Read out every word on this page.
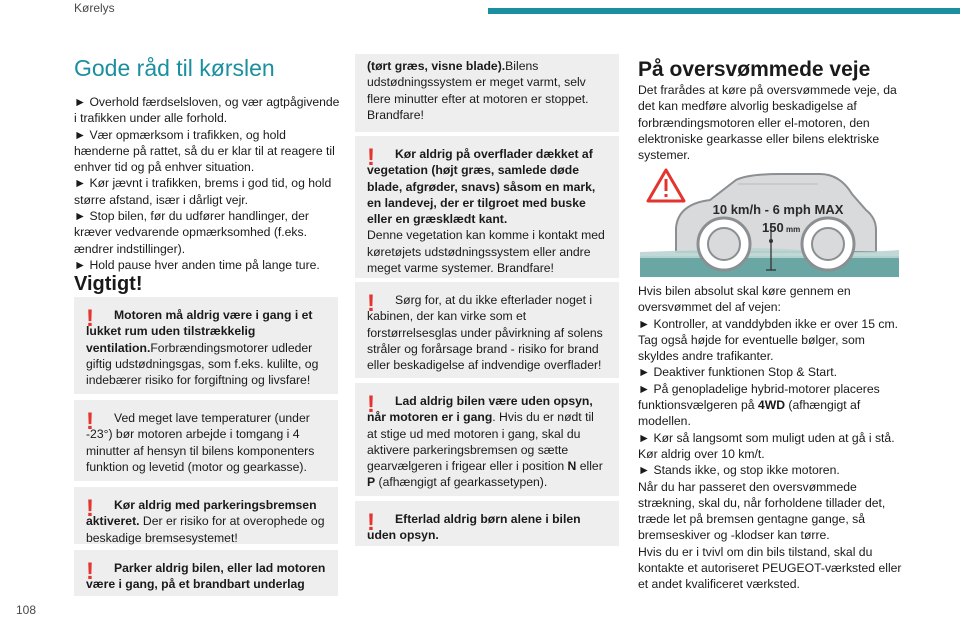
Kørelys
108
Gode råd til kørslen

► Overhold færdselsloven, og vær agtpågivende i trafikken under alle forhold.

► Vær opmærksom i trafikken, og hold hænderne på rattet, så du er klar til at reagere til enhver tid og på enhver situation.

► Kør jævnt i trafikken, brems i god tid, og hold større afstand, især i dårligt vejr.

► Stop bilen, før du udfører handlinger, der kræver vedvarende opmærksomhed (f.eks. ændrer indstillinger).

► Hold pause hver anden time på lange ture.

Vigtigt!
!	Motoren må aldrig være i gang i et lukket rum uden tilstrækkelig ventilation.Forbrændingsmotorer udleder giftig udstødningsgas, som f.eks. kulilte, og indebærer risiko for forgiftning og livsfare!
!	Ved meget lave temperaturer (under -23°) bør motoren arbejde i tomgang i 4 minutter af hensyn til bilens komponenters funktion og levetid (motor og gearkasse).
!	Kør aldrig med parkeringsbremsen aktiveret. Der er risiko for at overophede og beskadige bremsesystemet!
!	Parker aldrig bilen, eller lad motoren være i gang, på et brandbart underlag
(tørt græs, visne blade).Bilens udstødningssystem er meget varmt, selv flere minutter efter at motoren er stoppet. Brandfare!
!	Kør aldrig på overflader dækket af vegetation (højt græs, samlede døde blade, afgrøder, snavs) såsom en mark, en landevej, der er tilgroet med buske eller en græsklædt kant.
Denne vegetation kan komme i kontakt med køretøjets udstødningssystem eller andre meget varme systemer. Brandfare!
!	Sørg for, at du ikke efterlader noget i kabinen, der kan virke som et forstørrelsesglas under påvirkning af solens stråler og forårsage brand - risiko for brand eller beskadigelse af indvendige overflader!
!	Lad aldrig bilen være uden opsyn, når motoren er i gang. Hvis du er nødt til at stige ud med motoren i gang, skal du aktivere parkeringsbremsen og sætte gearvælgeren i frigear eller i position N eller P (afhængigt af gearkassetypen).
!	Efterlad aldrig børn alene i bilen uden opsyn.
På oversvømmede veje

Det frarådes at køre på oversvømmede veje, da det kan medføre alvorlig beskadigelse af forbrændingsmotoren eller el-motoren, den elektroniske gearkasse eller bilens elektriske systemer.

10 km/h - 6 mph MAX
150 mm

Hvis bilen absolut skal køre gennem en oversvømmet del af vejen:

► Kontroller, at vanddybden ikke er over 15 cm. Tag også højde for eventuelle bølger, som skyldes andre trafikanter.

► Deaktiver funktionen Stop & Start.

► På genopladelige hybrid-motorer placeres funktionsvælgeren på 4WD (afhængigt af modellen.

► Kør så langsomt som muligt uden at gå i stå. Kør aldrig over 10 km/t.

► Stands ikke, og stop ikke motoren.

Når du har passeret den oversvømmede strækning, skal du, når forholdene tillader det, træde let på bremsen gentagne gange, så bremseskiver og -klodser kan tørre.

Hvis du er i tvivl om din bils tilstand, skal du kontakte et autoriseret PEUGEOT-værksted eller et andet kvalificeret værksted.
